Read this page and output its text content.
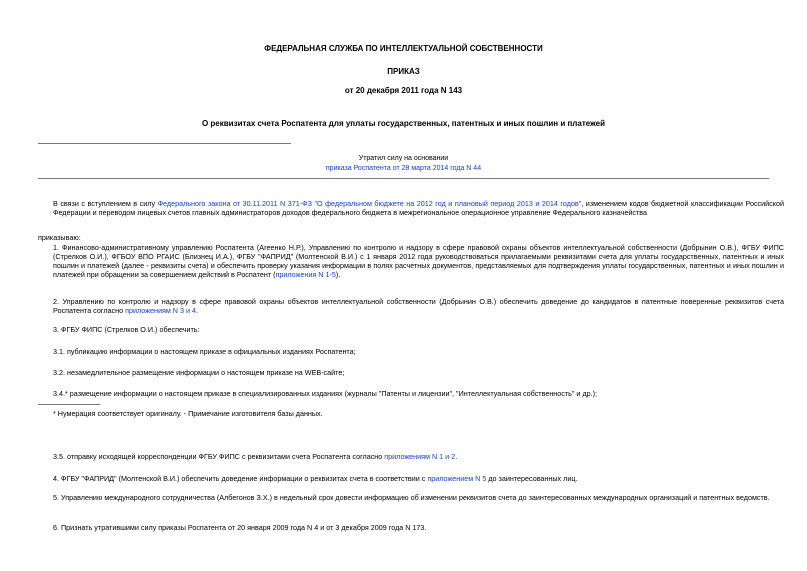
ФЕДЕРАЛЬНАЯ СЛУЖБА ПО ИНТЕЛЛЕКТУАЛЬНОЙ СОБСТВЕННОСТИ
ПРИКАЗ
от 20 декабря 2011 года N 143
О реквизитах счета Роспатента для уплаты государственных, патентных и иных пошлин и платежей
Утратил силу на основании
приказа Роспатента от 28 марта 2014 года N 44
В связи с вступлением в силу Федерального закона от 30.11.2011 N 371-ФЗ "О федеральном бюджете на 2012 год и плановый период 2013 и 2014 годов", изменением кодов бюджетной классификации Российской Федерации и переводом лицевых счетов главных администраторов доходов федерального бюджета в межрегиональное операционное управление Федерального казначейства
приказываю:
1. Финансово-административному управлению Роспатента (Агеенко Н.Р.), Управлению по контролю и надзору в сфере правовой охраны объектов интеллектуальной собственности (Добрынин О.В.), ФГБУ ФИПС (Стрелков О.И.), ФГБОУ ВПО РГАИС (Близнец И.А.), ФГБУ "ФАПРИД" (Молтенской В.И.) с 1 января 2012 года руководствоваться прилагаемыми реквизитами счета для уплаты государственных, патентных и иных пошлин и платежей (далее - реквизиты счета) и обеспечить проверку указания информации в полях расчетных документов, представляемых для подтверждения уплаты государственных, патентных и иных пошлин и платежей при обращении за совершением действий в Роспатент (приложения N 1-5).
2. Управлению по контролю и надзору в сфере правовой охраны объектов интеллектуальной собственности (Добрынин О.В.) обеспечить доведение до кандидатов в патентные поверенные реквизитов счета Роспатента согласно приложениям N 3 и 4.
3. ФГБУ ФИПС (Стрелков О.И.) обеспечить:
3.1. публикацию информации о настоящем приказе в официальных изданиях Роспатента;
3.2. незамедлительное размещение информации о настоящем приказе на WEB-сайте;
3.4.* размещение информации о настоящем приказе в специализированных изданиях (журналы "Патенты и лицензии", "Интеллектуальная собственность" и др.);
* Нумерация соответствует оригиналу. - Примечание изготовителя базы данных.
3.5. отправку исходящей корреспонденции ФГБУ ФИПС с реквизитами счета Роспатента согласно приложениям N 1 и 2.
4. ФГБУ "ФАПРИД" (Молтенской В.И.) обеспечить доведение информации о реквизитах счета в соответствии с приложением N 5 до заинтересованных лиц.
5. Управлению международного сотрудничества (Албегонов З.Х.) в недельный срок довести информацию об изменении реквизитов счета до заинтересованных международных организаций и патентных ведомств.
6. Признать утратившими силу приказы Роспатента от 20 января 2009 года N 4 и от 3 декабря 2009 года N 173.
